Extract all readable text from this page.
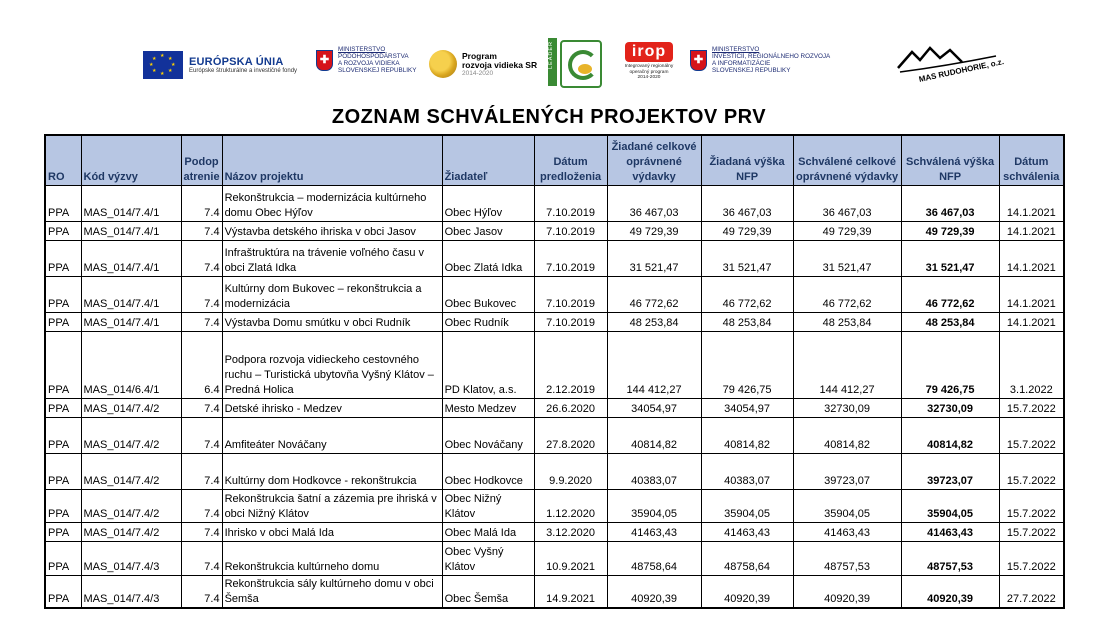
★ ★
★
★
★
★
★
★	EURÓPSKA ÚNIA
Európske štrukturálne a investičné fondy
✚
MINISTERSTVO
PÔDOHOSPODÁRSTVA
A ROZVOJA VIDIEKA
SLOVENSKEJ REPUBLIKY
Program
rozvoja vidieka SR
2014-2020
LEADER	irop
Integrovaný regionálny
operačný program
2014-2020
✚
MINISTERSTVO
INVESTÍCIÍ, REGIONÁLNEHO ROZVOJA
A INFORMATIZÁCIE
SLOVENSKEJ REPUBLIKY	MAS RUDOHORIE, o.z.
ZOZNAM SCHVÁLENÝCH PROJEKTOV PRV
RO	Kód výzvy	Podop atrenie	Názov projektu	Žiadateľ	Dátum predloženia	Žiadané celkové oprávnené výdavky	Žiadaná výška NFP	Schválené celkové oprávnené výdavky	Schválená výška NFP	Dátum schválenia
PPA	MAS_014/7.4/1	7.4	Rekonštrukcia – modernizácia kultúrneho domu Obec Hýľov	Obec Hýľov	7.10.2019	36 467,03	36 467,03	36 467,03	36 467,03	14.1.2021
PPA	MAS_014/7.4/1	7.4	Výstavba detského ihriska v obci Jasov	Obec Jasov	7.10.2019	49 729,39	49 729,39	49 729,39	49 729,39	14.1.2021
PPA	MAS_014/7.4/1	7.4	Infraštruktúra na trávenie voľného času v obci Zlatá Idka	Obec Zlatá Idka	7.10.2019	31 521,47	31 521,47	31 521,47	31 521,47	14.1.2021
PPA	MAS_014/7.4/1	7.4	Kultúrny dom Bukovec – rekonštrukcia a modernizácia	Obec Bukovec	7.10.2019	46 772,62	46 772,62	46 772,62	46 772,62	14.1.2021
PPA	MAS_014/7.4/1	7.4	Výstavba Domu smútku v obci Rudník	Obec Rudník	7.10.2019	48 253,84	48 253,84	48 253,84	48 253,84	14.1.2021
PPA	MAS_014/6.4/1	6.4	Podpora rozvoja vidieckeho cestovného ruchu – Turistická ubytovňa Vyšný Klátov – Predná Holica	PD Klatov, a.s.	2.12.2019	144 412,27	79 426,75	144 412,27	79 426,75	3.1.2022
PPA	MAS_014/7.4/2	7.4	Detské ihrisko - Medzev	Mesto Medzev	26.6.2020	34054,97	34054,97	32730,09	32730,09	15.7.2022
PPA	MAS_014/7.4/2	7.4	Amfiteáter Nováčany	Obec Nováčany	27.8.2020	40814,82	40814,82	40814,82	40814,82	15.7.2022
PPA	MAS_014/7.4/2	7.4	Kultúrny dom Hodkovce - rekonštrukcia	Obec Hodkovce	9.9.2020	40383,07	40383,07	39723,07	39723,07	15.7.2022
PPA	MAS_014/7.4/2	7.4	Rekonštrukcia šatní a zázemia pre ihriská v obci Nižný Klátov	Obec Nižný Klátov	1.12.2020	35904,05	35904,05	35904,05	35904,05	15.7.2022
PPA	MAS_014/7.4/2	7.4	Ihrisko v obci Malá Ida	Obec Malá Ida	3.12.2020	41463,43	41463,43	41463,43	41463,43	15.7.2022
PPA	MAS_014/7.4/3	7.4	Rekonštrukcia kultúrneho domu	Obec Vyšný Klátov	10.9.2021	48758,64	48758,64	48757,53	48757,53	15.7.2022
PPA	MAS_014/7.4/3	7.4	Rekonštrukcia sály kultúrneho domu v obci Šemša	Obec Šemša	14.9.2021	40920,39	40920,39	40920,39	40920,39	27.7.2022
